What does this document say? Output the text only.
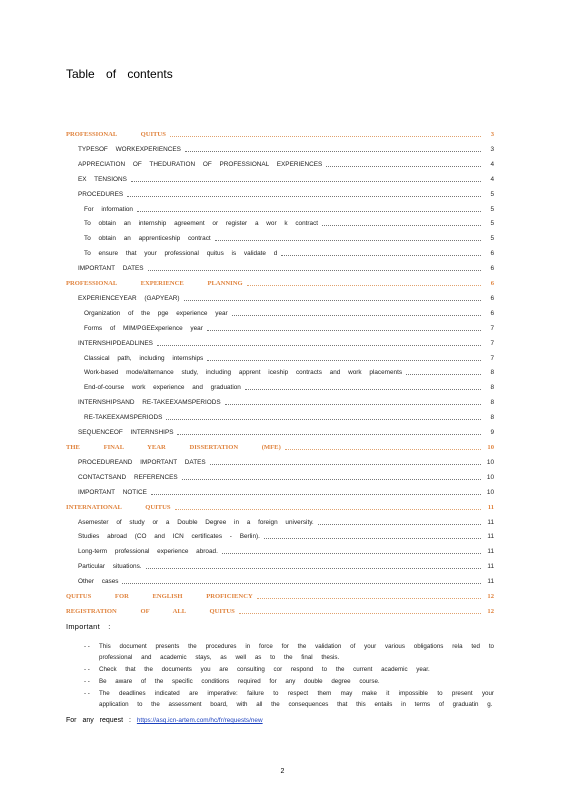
Table of contents
PROFESSIONAL QUITUS	3
TYPESOF WORKEXPERIENCES	3
APPRECIATION OF THEDURATION OF PROFESSIONAL EXPERIENCES	4
EX TENSIONS	4
PROCEDURES	5
For information	5
To obtain an internship agreement or register a wor k contract	5
To obtain an apprenticeship contract	5
To ensure that your professional quitus is validate d	6
IMPORTANT DATES	6
PROFESSIONAL EXPERIENCE PLANNING	6
EXPERIENCEYEAR (GAPYEAR)	6
Organization of the pge experience year	6
Forms of MIM/PGEExperience year	7
INTERNSHIPDEADLINES	7
Classical path, including internships	7
Work-based mode/alternance study, including apprent iceship contracts and work placements	8
End-of-course work experience and graduation	8
INTERNSHIPSAND RE-TAKEEXAMSPERIODS	8
RE-TAKEEXAMSPERIODS	8
SEQUENCEOF INTERNSHIPS	9
THE FINAL YEAR DISSERTATION (MFE)	10
PROCEDUREAND IMPORTANT DATES	10
CONTACTSAND REFERENCES	10
IMPORTANT NOTICE	10
INTERNATIONAL QUITUS	11
Asemester of study or a Double Degree in a foreign university.	11
Studies abroad (CO and ICN certificates - Berlin).	11
Long-term professional experience abroad.	11
Particular situations.	11
Other cases	11
QUITUS FOR ENGLISH PROFICIENCY	12
REGISTRATION OF ALL QUITUS	12
Important :
- -	This document presents the procedures in force for the validation of your various obligations rela ted to professional and academic stays, as well as to the final thesis.
- -	Check that the documents you are consulting cor respond to the current academic year.
- -	Be aware of the specific conditions required for any double degree course.
- -	The deadlines indicated are imperative: failure to respect them may make it impossible to present your application to the assessment board, with all the consequences that this entails in terms of graduatin g.
For any request : https://asq.icn-artem.com/hc/fr/requests/new
2
